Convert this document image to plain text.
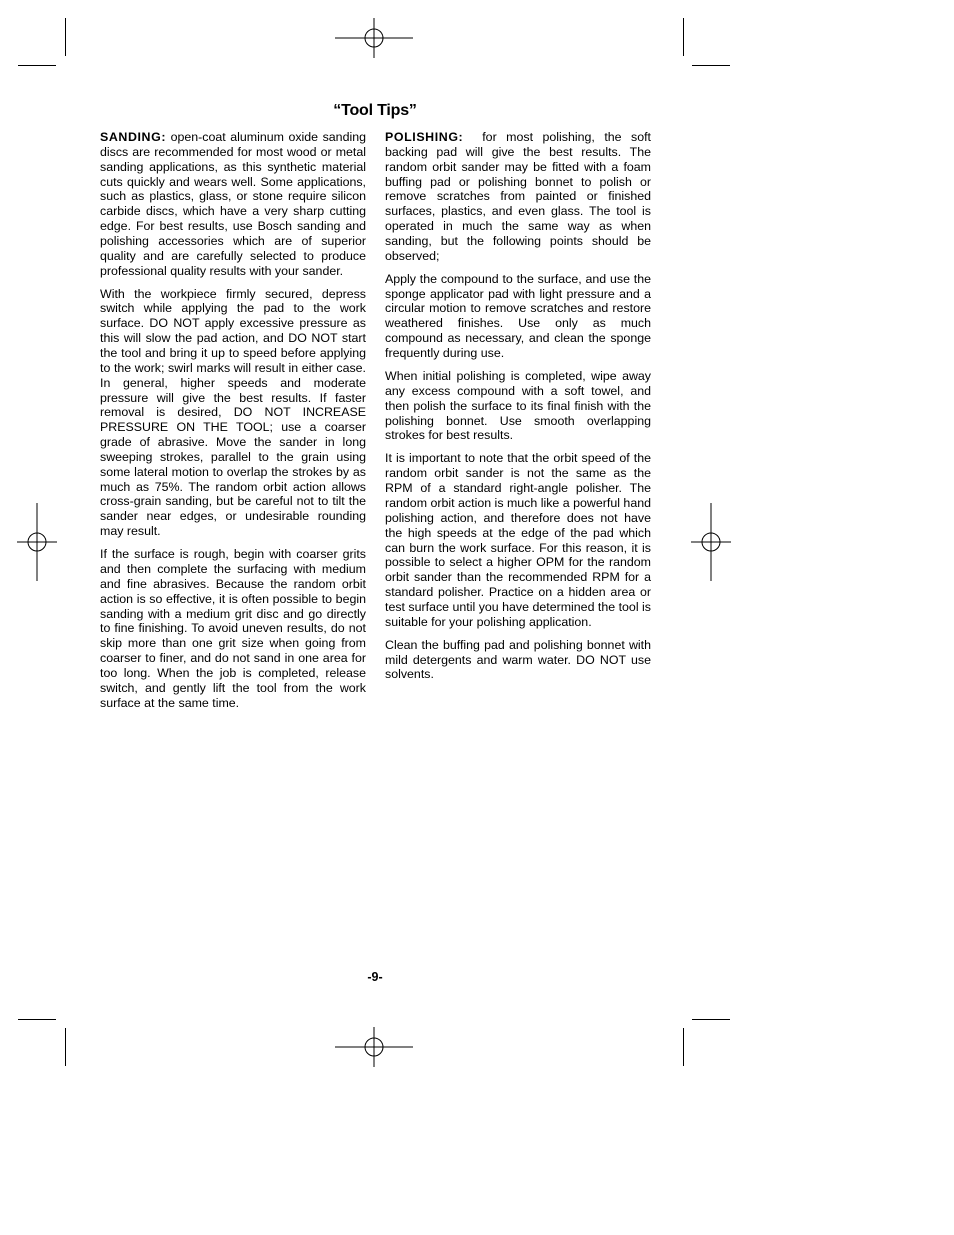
“Tool Tips”

SANDING: open-coat aluminum oxide sanding discs are recommended for most wood or metal sanding applications, as this synthetic material cuts quickly and wears well. Some applications, such as plastics, glass, or stone require silicon carbide discs, which have a very sharp cutting edge. For best results, use Bosch sanding and polishing accessories which are of superior quality and are carefully selected to produce professional quality results with your sander.

With the workpiece firmly secured, depress switch while applying the pad to the work surface. DO NOT apply excessive pressure as this will slow the pad action, and DO NOT start the tool and bring it up to speed before applying to the work; swirl marks will result in either case. In general, higher speeds and moderate pressure will give the best results. If faster removal is desired, DO NOT INCREASE PRESSURE ON THE TOOL; use a coarser grade of abrasive. Move the sander in long sweeping strokes, parallel to the grain using some lateral motion to overlap the strokes by as much as 75%. The random orbit action allows cross-grain sanding, but be careful not to tilt the sander near edges, or undesirable rounding may result.

If the surface is rough, begin with coarser grits and then complete the surfacing with medium and fine abrasives. Because the random orbit action is so effective, it is often possible to begin sanding with a medium grit disc and go directly to fine finishing. To avoid uneven results, do not skip more than one grit size when going from coarser to finer, and do not sand in one area for too long. When the job is completed, release switch, and gently lift the tool from the work surface at the same time.

POLISHING:  for most polishing, the soft backing pad will give the best results. The random orbit sander may be fitted with a foam buffing pad or polishing bonnet to polish or remove scratches from painted or finished surfaces, plastics, and even glass. The tool is operated in much the same way as when sanding, but the following points should be observed;

Apply the compound to the surface, and use the sponge applicator pad with light pressure and a circular motion to remove scratches and restore weathered finishes. Use only as much compound as necessary, and clean the sponge frequently during use.

When initial polishing is completed, wipe away any excess compound with a soft towel, and then polish the surface to its final finish with the polishing bonnet. Use smooth overlapping strokes for best results.

It is important to note that the orbit speed of the random orbit sander is not the same as the RPM of a standard right-angle polisher. The random orbit action is much like a powerful hand polishing action, and therefore does not have the high speeds at the edge of the pad which can burn the work surface. For this reason, it is possible to select a higher OPM for the random orbit sander than the recommended RPM for a standard polisher. Practice on a hidden area or test surface until you have determined the tool is suitable for your polishing application.

Clean the buffing pad and polishing bonnet with mild detergents and warm water. DO NOT use solvents.

-9-
